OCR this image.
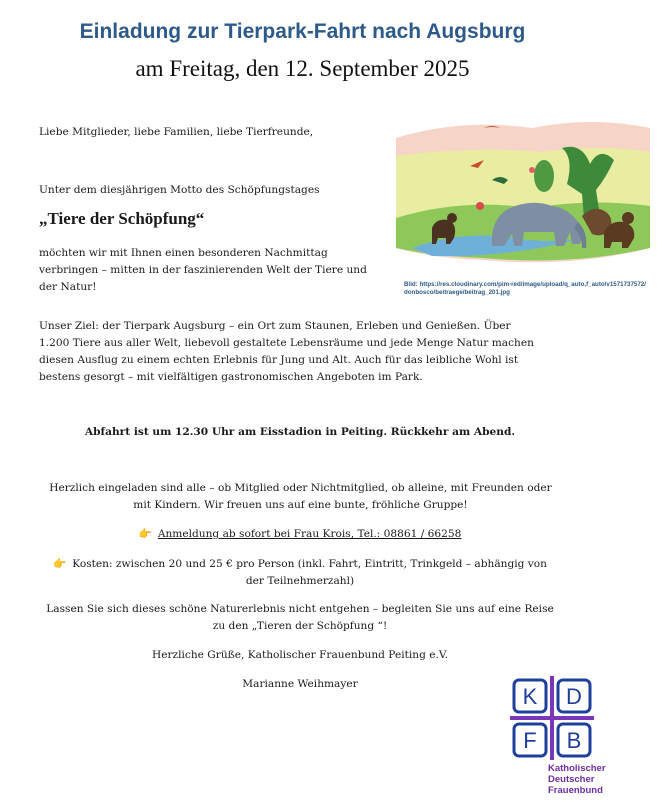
Einladung zur Tierpark-Fahrt nach Augsburg
am Freitag, den 12. September 2025
Liebe Mitglieder, liebe Familien, liebe Tierfreunde,
Unter dem diesjährigen Motto des Schöpfungstages
„Tiere der Schöpfung“
möchten wir mit Ihnen einen besonderen Nachmittag verbringen – mitten in der faszinierenden Welt der Tiere und der Natur!	Bild: https://res.cloudinary.com/pim-red/image/upload/q_auto,f_auto/v1571737572/donbosco/beitraege/beitrag_201.jpg
Unser Ziel: der Tierpark Augsburg – ein Ort zum Staunen, Erleben und Genießen. Über 1.200 Tiere aus aller Welt, liebevoll gestaltete Lebensräume und jede Menge Natur machen diesen Ausflug zu einem echten Erlebnis für Jung und Alt. Auch für das leibliche Wohl ist bestens gesorgt – mit vielfältigen gastronomischen Angeboten im Park.
Abfahrt ist um 12.30 Uhr am Eisstadion in Peiting. Rückkehr am Abend.
Herzlich eingeladen sind alle – ob Mitglied oder Nichtmitglied, ob alleine, mit Freunden oder mit Kindern. Wir freuen uns auf eine bunte, fröhliche Gruppe!
👉 Anmeldung ab sofort bei Frau Krois, Tel.: 08861 / 66258
👉 Kosten: zwischen 20 und 25 € pro Person (inkl. Fahrt, Eintritt, Trinkgeld – abhängig von der Teilnehmerzahl)
Lassen Sie sich dieses schöne Naturerlebnis nicht entgehen – begleiten Sie uns auf eine Reise zu den „Tieren der Schöpfung “!
Herzliche Grüße, Katholischer Frauenbund Peiting e.V.
Marianne Weihmayer	K D
F B
Katholischer
Deutscher
Frauenbund
